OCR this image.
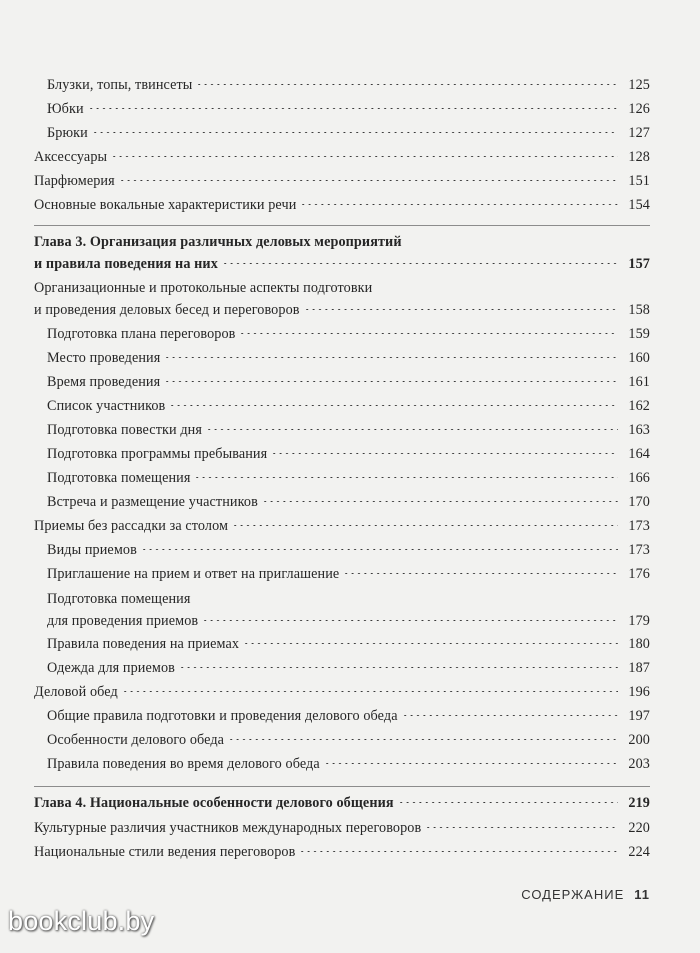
Блузки, топы, твинсеты	125
Юбки	126
Брюки	127
Аксессуары	128
Парфюмерия	151
Основные вокальные характеристики речи	154
Глава 3. Организация различных деловых мероприятий
и правила поведения на них	157
Организационные и протокольные аспекты подготовки
и проведения деловых бесед и переговоров	158
Подготовка плана переговоров	159
Место проведения	160
Время проведения	161
Список участников	162
Подготовка повестки дня	163
Подготовка программы пребывания	164
Подготовка помещения	166
Встреча и размещение участников	170
Приемы без рассадки за столом	173
Виды приемов	173
Приглашение на прием и ответ на приглашение	176
Подготовка помещения
для проведения приемов	179
Правила поведения на приемах	180
Одежда для приемов	187
Деловой обед	196
Общие правила подготовки и проведения делового обеда	197
Особенности делового обеда	200
Правила поведения во время делового обеда	203
Глава 4. Национальные особенности делового общения	219
Культурные различия участников международных переговоров	220
Национальные стили ведения переговоров	224
СОДЕРЖАНИЕ 11
bookclub.by
